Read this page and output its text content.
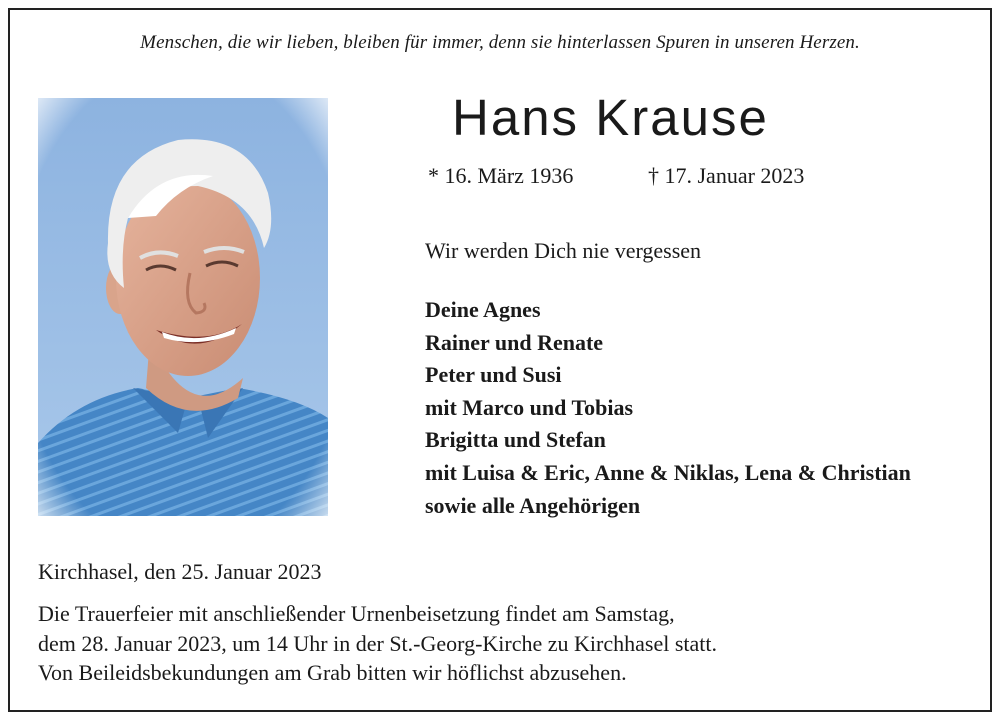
Menschen, die wir lieben, bleiben für immer, denn sie hinterlassen Spuren in unseren Herzen.
Hans Krause
* 16. März 1936	† 17. Januar 2023
Wir werden Dich nie vergessen
Deine Agnes
Rainer und Renate
Peter und Susi
mit Marco und Tobias
Brigitta und Stefan
mit Luisa & Eric, Anne & Niklas, Lena & Christian
sowie alle Angehörigen
Kirchhasel, den 25. Januar 2023
Die Trauerfeier mit anschließender Urnenbeisetzung findet am Samstag,
dem 28. Januar 2023, um 14 Uhr in der St.-Georg-Kirche zu Kirchhasel statt.
Von Beileidsbekundungen am Grab bitten wir höflichst abzusehen.
